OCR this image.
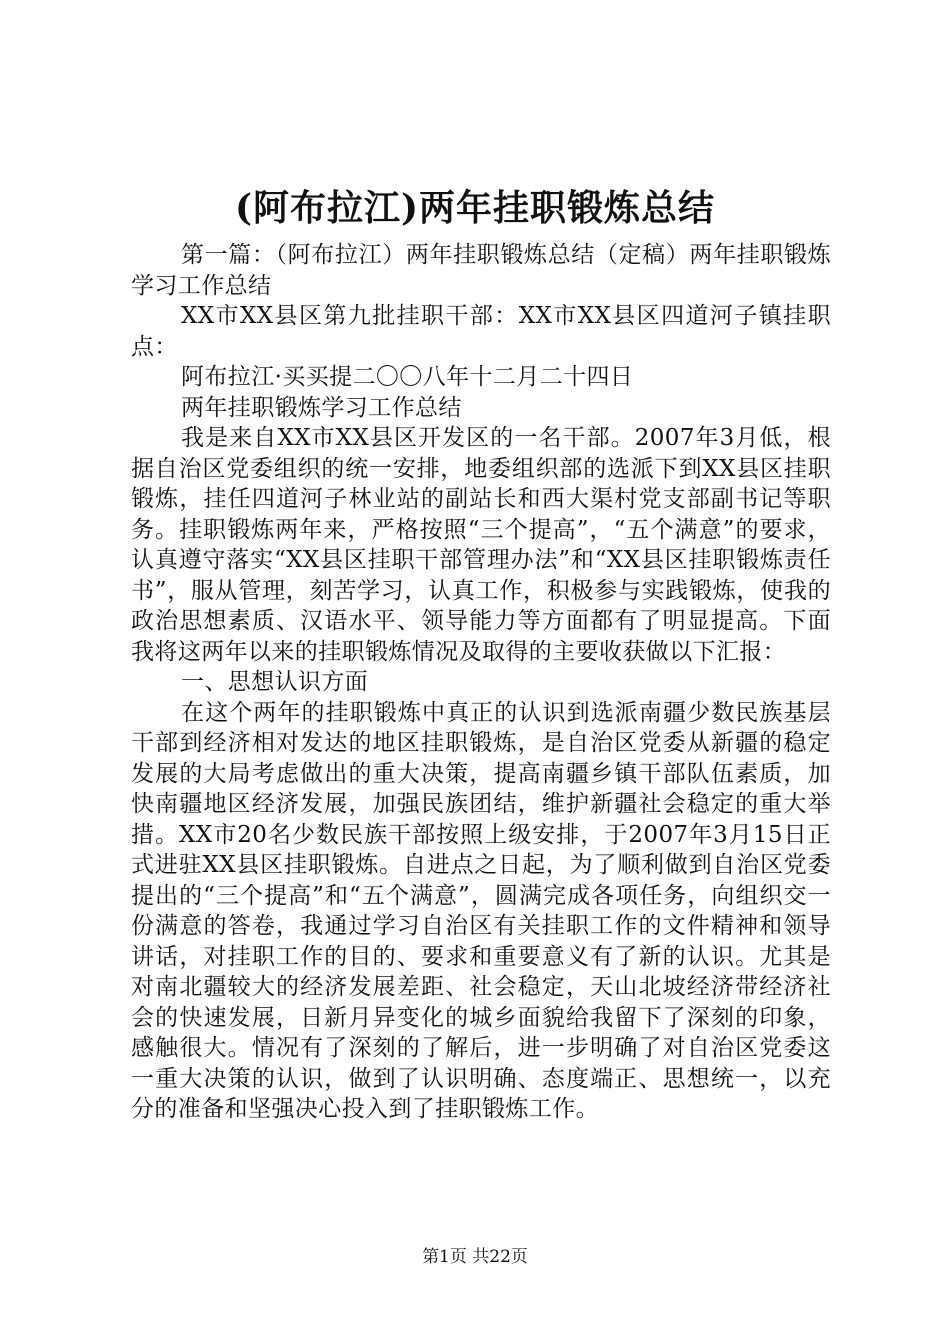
(阿布拉江)两年挂职锻炼总结

第一篇：（阿布拉江）两年挂职锻炼总结（定稿）两年挂职锻炼学习工作总结

XX市XX县区第九批挂职干部：XX市XX县区四道河子镇挂职点：

阿布拉江·买买提二〇〇八年十二月二十四日

两年挂职锻炼学习工作总结

我是来自XX市XX县区开发区的一名干部。2007年3月低，根据自治区党委组织的统一安排，地委组织部的选派下到XX县区挂职锻炼，挂任四道河子林业站的副站长和西大渠村党支部副书记等职务。挂职锻炼两年来，严格按照“三个提高”，“五个满意”的要求，认真遵守落实“XX县区挂职干部管理办法”和“XX县区挂职锻炼责任书”，服从管理，刻苦学习，认真工作，积极参与实践锻炼，使我的政治思想素质、汉语水平、领导能力等方面都有了明显提高。下面我将这两年以来的挂职锻炼情况及取得的主要收获做以下汇报：

一、思想认识方面

在这个两年的挂职锻炼中真正的认识到选派南疆少数民族基层干部到经济相对发达的地区挂职锻炼，是自治区党委从新疆的稳定发展的大局考虑做出的重大决策，提高南疆乡镇干部队伍素质，加快南疆地区经济发展，加强民族团结，维护新疆社会稳定的重大举措。XX市20名少数民族干部按照上级安排，于2007年3月15日正式进驻XX县区挂职锻炼。自进点之日起，为了顺利做到自治区党委提出的“三个提高”和“五个满意”，圆满完成各项任务，向组织交一份满意的答卷，我通过学习自治区有关挂职工作的文件精神和领导讲话，对挂职工作的目的、要求和重要意义有了新的认识。尤其是对南北疆较大的经济发展差距、社会稳定，天山北坡经济带经济社会的快速发展，日新月异变化的城乡面貌给我留下了深刻的印象，感触很大。情况有了深刻的了解后，进一步明确了对自治区党委这一重大决策的认识，做到了认识明确、态度端正、思想统一，以充分的准备和坚强决心投入到了挂职锻炼工作。

第1页 共22页
